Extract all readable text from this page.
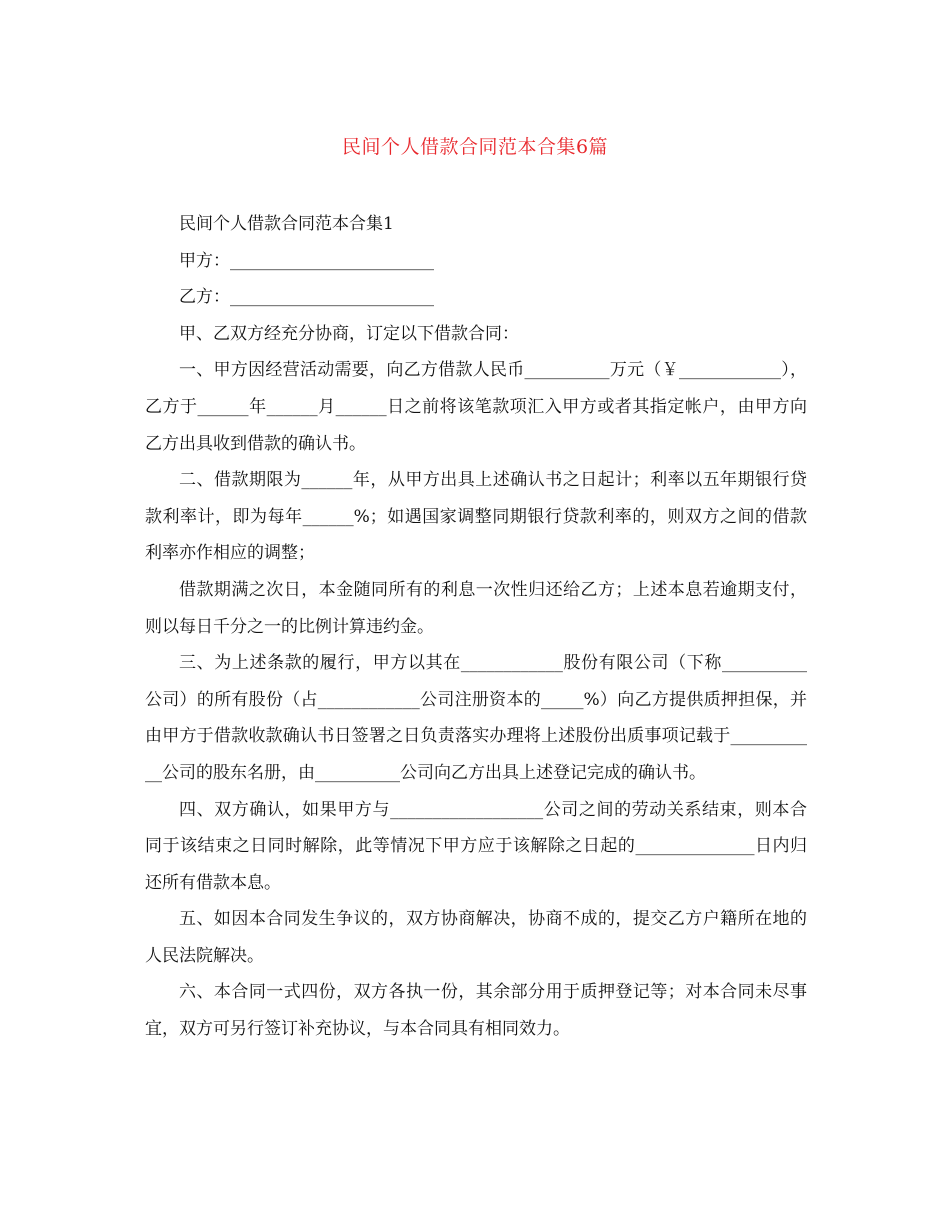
民间个人借款合同范本合集6篇

民间个人借款合同范本合集1

甲方：________________________

乙方：________________________

甲、乙双方经充分协商，订定以下借款合同：

一、甲方因经营活动需要，向乙方借款人民币__________万元（￥____________），乙方于______年______月______日之前将该笔款项汇入甲方或者其指定帐户，由甲方向乙方出具收到借款的确认书。

二、借款期限为______年，从甲方出具上述确认书之日起计；利率以五年期银行贷款利率计，即为每年______%；如遇国家调整同期银行贷款利率的，则双方之间的借款利率亦作相应的调整；

借款期满之次日，本金随同所有的利息一次性归还给乙方；上述本息若逾期支付，则以每日千分之一的比例计算违约金。

三、为上述条款的履行，甲方以其在____________股份有限公司（下称__________公司）的所有股份（占____________公司注册资本的_____%）向乙方提供质押担保，并由甲方于借款收款确认书日签署之日负责落实办理将上述股份出质事项记载于___________公司的股东名册，由__________公司向乙方出具上述登记完成的确认书。

四、双方确认，如果甲方与__________________公司之间的劳动关系结束，则本合同于该结束之日同时解除，此等情况下甲方应于该解除之日起的______________日内归还所有借款本息。

五、如因本合同发生争议的，双方协商解决，协商不成的，提交乙方户籍所在地的人民法院解决。

六、本合同一式四份，双方各执一份，其余部分用于质押登记等；对本合同未尽事宜，双方可另行签订补充协议，与本合同具有相同效力。
